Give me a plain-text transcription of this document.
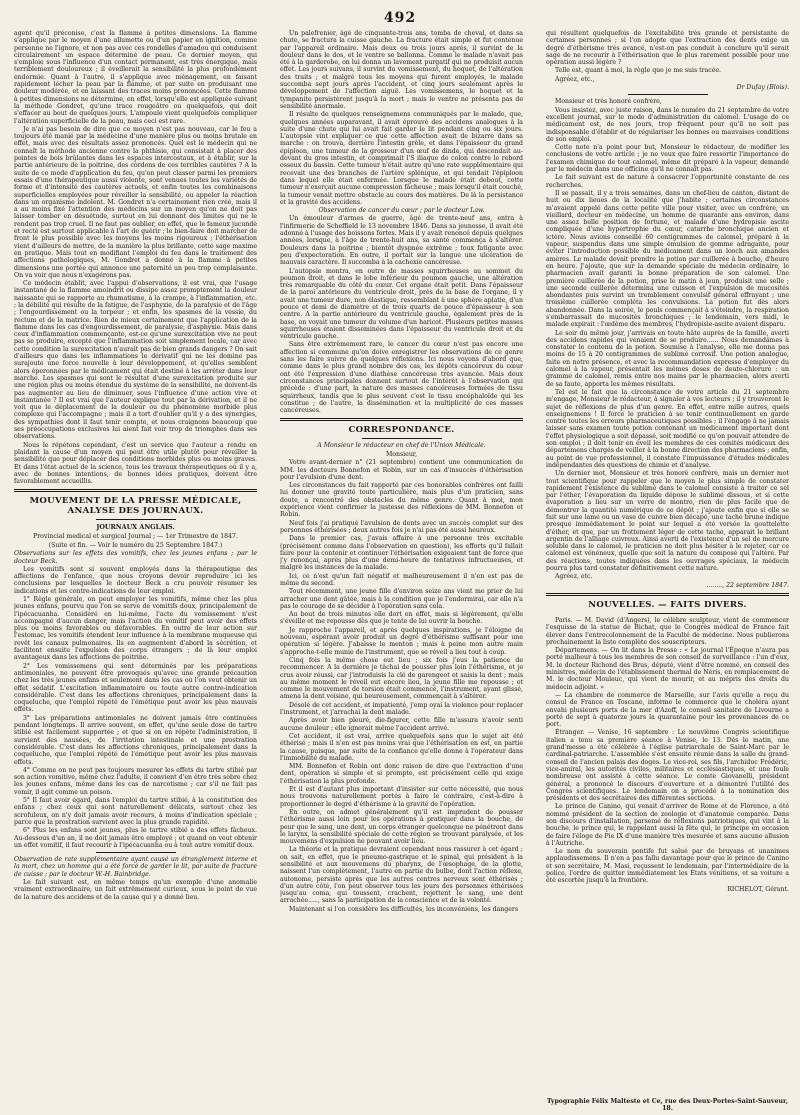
492

agent qu'il préconise, c'est la flamme à petites dimensions. La flamme s'applique par le moyen d'une allumette ou d'un papier en ignition, comme personne ne l'ignore, et non pas avec ces rondelles d'amadou qui conduisent circulairement un espace déterminé de peau. Ce dernier moyen, qui s'emploie sous l'influence d'un contact permanent, est très énergique, mais terriblement douloureux ; il éveillerait la sensibilité la plus profondément endormie. Quant à l'autre, il s'applique avec ménagement, en faisant rapidement lécher la peau par la flamme, et par suite en produisant une douleur modérée, et en laissant des traces moins prononcées. Cette flamme à petites dimensions ne détermine, en effet, lorsqu'elle est appliquée suivant la méthode Gondret, qu'une trace rougeâtre ou quelquefois, qui doit s'effacer au bout de quelques jours. L'ampoule vient quelquefois compliquer l'altération superficielle de la peau, mais ceci est rare.

Je n'ai pas besoin de dire que ce moyen n'est pas nouveau, car le feu a toujours été manié par la médecine d'une manière plus ou moins brutale en effet, mais avec des résultats assez prononcés. Quel est le médecin qui ne connaît la méthode ancienne contre la phthisie, qui consistait à placer des pointes de bois brûlantes dans les espaces intercostaux, et à établir, sur la partie antérieure de la poitrine, des cordons de ces terribles cautères ? A la suite de ce mode d'application du feu, qu'on peut classer parmi les premiers essais d'une thérapeutique aussi violente, sont venues toutes les variétés de forme et d'intensité des cautères actuels, et enfin toutes les combinaisons superficielles employées pour réveiller la sensibilité, ou appeler la réaction dans un organisme indolent. M. Gondret n'a certainement rien créé, mais il a au moins fixé l'attention des médecins sur un moyen qu'on ne doit pas laisser tomber en désuétude, surtout en lui donnant des limites qui ne le rendent pas trop cruel. Il ne faut pas oublier, en effet, que le fameux jucundè et rectè est surtout applicable à l'art de guérir ; le bien-faire doit marcher de front le plus possible avec les moyens les moins rigoureux ; l'éthérisation vient d'ailleurs de mettre, de la manière la plus brillante, cette sage maxime en pratique. Mais tout en modifiant l'emploi du feu dans le traitement des affections pathologiques, M. Gondret a donné à la flamme à petites dimensions une portée qui annonce une paternité un peu trop complaisante. On va voir que nous n'exagérons pas.

Ce médecin établit, avec l'appui d'observations, il est vrai, que l'usage instantané de la flamme amoindrit ou dissipe assez promptement la douleur naissante qui se rapporte au rhumatisme, à la crampe, à l'inflammation, etc. ; la débilité qui résulte de la fatigue, de l'asphyxie, de la paralysie et de l'âge ; l'engourdissement ou la torpeur ; et enfin, les spasmes de la vessie, du rectum et de la matrice. Rien de mieux certainement que l'application de la flamme dans les cas d'engourdissement, de paralysie, d'asphyxie. Mais dans ceux d'inflammation commençante, est-ce qu'une surexcitation vive ne peut pas se produire, excepté que l'inflammation soit simplement locale, car avec cette condition la surexcitation n'aurait pas de bien grands dangers ? On sait d'ailleurs que dans les inflammations le dérivatif qui ne les domine pas surajoute une force nouvelle à leur développement, et qu'elles semblent alors éperonnées par le médicament qui était destiné à les arrêter dans leur marche. Les spasmes qui sont le résultat d'une surexcitation produite sur une région plus ou moins étendue du système de la sensibilité, ne doivent-ils pas augmenter au lieu de diminuer, sous l'influence d'une action vive et instantanée ? Il est vrai que l'auteur explique tout par la dérivation, et il ne voit que le déplacement de la douleur ou du phénomène morbide plus complexe qui l'accompagne ; mais il a tort d'oublier qu'il y a des synergies, des sympathies dont il faut tenir compte, et nous craignons beaucoup que ses préoccupations exclusives lui aient fait voir trop de triomphes dans ses observations.

Nous le répétons cependant, c'est un service que l'auteur a rendu en plaidant la cause d'un moyen qui peut être utile plutôt pour réveiller la sensibilité que pour déplacer des conditions morbides plus ou moins graves. Et dans l'état actuel de la science, tous les travaux thérapeutiques où il y a, avec de bonnes intentions, de bonnes idées pratiques, doivent être favorablement accueillis.

MOUVEMENT DE LA PRESSE MÉDICALE, ANALYSE DES JOURNAUX.
JOURNAUX ANGLAIS.
Provincial medical et surgical Journal ; — 1er Trimestre de 1847.
(Suite et fin. — Voir le numéro du 25 Septembre 1847.)

Observations sur les effets des vomitifs, chez les jeunes enfans ; par le docteur Beck.

Les vomitifs sont si souvent employés dans la thérapeutique des affections de l'enfance, que nous croyons devoir reproduire ici les conclusions par lesquelles le docteur Beck a cru pouvoir résumer les indications et les contre-indications de leur emploi.

1° Règle générale, on peut employer les vomitifs, même chez les plus jeunes enfans, pourvu que l'on se serve de vomitifs doux, principalement de l'ipécacuanha. Considéré en lui-même, l'acte du vomissement n'est accompagné d'aucun danger, mais l'action du vomitif peut avoir des effets plus ou moins favorables ou défavorables. En outre de leur action sur l'estomac, les vomitifs étendent leur influence à la membrane muqueuse qui revêt les canaux pulmonaires. Ils en augmentent d'abord la sécrétion, et facilitent ensuite l'expulsion des corps étrangers ; de là leur emploi avantageux dans les affections de poitrine.

2° Les vomissemens qui sont déterminés par les préparations antimoniales, ne peuvent être provoqués qu'avec une grande précaution chez les très jeunes enfans et seulement dans les cas où l'on veut obtenir un effet sédatif. L'excitation inflammatoire ou toute autre contre-indication considérable. C'est dans les affections chroniques, principalement dans la coqueluche, que l'emploi répété de l'émétique peut avoir les plus mauvais effets.

3° Les préparations antimoniales ne doivent jamais être continuées pendant longtemps. Il arrive souvent, en effet, qu'une seule dose de tartre stibié est facilement supportée ; et que si on en répète l'administration, il survient des nausées, de l'irritation intestinale et une prostration considérable. C'est dans les affections chroniques, principalement dans la coqueluche, que l'emploi répété de l'émétique peut avoir les plus mauvais effets.

4° Comme on ne peut pas toujours mesurer les effets du tartre stibié par son action vomitive, même chez l'adulte, il convient d'en être très sobre chez les jeunes enfans, même dans les cas de narcotisme ; car s'il ne fait pas vomir, il agit comme un poison.

5° Il faut avoir égard, dans l'emploi du tartre stibié, à la constitution des enfans ; chez ceux qui sont naturellement délicats, surtout chez les scrofuleux, on n'y doit jamais avoir recours, à moins d'indication spéciale ; parce que la prostration survient avec la plus grande rapidité.

6° Plus les enfans sont jeunes, plus le tartre stibié a des effets fâcheux. Au-dessous d'un an, il ne doit jamais être employé ; et quand on veut obtenir un effet vomitif, il faut recourir à l'ipécacuanha ou à tout autre vomitif doux.

Observation de rate supplémentaire ayant causé un étranglement interne et la mort, chez un homme qui a été forcé de garder le lit, par suite de fracture de cuisse ; par le docteur W.-H. Bainbridge.

Le fait suivant est, en même temps qu'un exemple d'une anomalie vraiment extraordinaire, un fait extrêmement curieux, sous le point de vue de la nature des accidens et de la cause qui y a donné lieu.

Un palefrenier, âgé de cinquante-trois ans, tomba de cheval, et dans sa chute, se fractura la cuisse gauche. La fracture était simple et fut contenue par l'appareil ordinaire. Mais deux ou trois jours après, il survint de la douleur dans le dos, et le ventre se ballonna. Comme le malade n'avait pas été à la garderobe, on lui donna un lavement purgatif qui ne produisit aucun effet. Les jours suivans, il survint du vomissement, du hoquet, de l'altération des traits ; et malgré tous les moyens qui furent employés, le malade succomba sept jours après l'accident, et cinq jours seulement après le développement de l'affection aiguë. Les vomissemens, le hoquet et la tympanite persistèrent jusqu'à la mort ; mais le ventre ne présenta pas de sensibilité anormale.

Il résulte de quelques renseignemens communiqués par le malade, que, quelques années auparavant, il avait éprouvé des accidens analogues à la suite d'une chute qui lui avait fait garder le lit pendant cinq ou six jours. L'autopsie vint expliquer ce que cette affection avait de bizarre dans sa marche : on trouva, derrière l'intestin grêle, et dans l'épaisseur du grand épiploon, une tumeur de la grosseur d'un œuf de dinde, qui descendait au-devant du gros intestin, et comprimait l'S iliaque de colon contre le rebord osseux du bassin. Cette tumeur n'était autre qu'une rate supplémentaire qui recevait une des branches de l'artère splénique, et qui tendait l'épiploon dans lequel elle était enfermée. Lorsque le malade était debout, cette tumeur n'exerçait aucune compression fâcheuse ; mais lorsqu'il était couché, la tumeur venait mettre obstacle au cours des matières. De là la persistance et la gravité des accidens.

Observation de cancer du cœur ; par le docteur Law.

Un émouleur d'armes de guerre, âgé de trente-neuf ans, entra à l'infirmerie de Scheffield le 13 novembre 1846. Dans sa jeunesse, il avait été adonné à l'usage des boissons fortes. Mais il y avait renoncé depuis quelques années, lorsque, à l'âge de trente-huit ans, sa santé commença à s'altérer. Douleurs dans la poitrine ; bientôt dyspnée extrême ; toux fatigante avec peu d'expectoration. En outre, il portait sur la langue une ulcération de mauvais caractère. Il succomba à la cachexie cancéreuse.

L'autopsie montra, en outre de masses squirrheuses au sommet du poumon droit, et dans le lobe inférieur du poumon gauche, une altération très remarquable du côté du cœur. Cet organe était petit. Dans l'épaisseur de la paroi antérieure du ventricule droit, près de la base de l'organe, il y avait une tumeur dure, non élastique, ressemblant à une sphère aplatie, d'un pouce et demi de diamètre et de trois quarts de pouce d'épaisseur à son centre. A la partie antérieure du ventricule gauche, également près de la base, on voyait une tumeur du volume d'un haricot. Plusieurs petites masses squirrheuses étaient disséminées dans l'épaisseur du ventricule droit et du ventricule gauche.

Sans être extrêmement rare, le cancer du cœur n'est pas encore une affection si commune qu'on doive enregistrer les observations de ce genre sans les faire suivre de quelques réflexions. Ici nous voyons d'abord que, comme dans le plus grand nombre des cas, les dépôts cancéreux du cœur ont été l'expression d'une diathèse cancéreuse très avancée. Mais deux circonstances principales donnent surtout de l'intérêt à l'observation qui précède : d'une part, la nature des masses cancéreuses formées de tissu squirrheux, tandis que le plus souvent c'est le tissu encéphaloïde qui les constitue ; de l'autre, la dissémination et la multiplicité de ces masses cancéreuses.

CORRESPONDANCE.
A Monsieur le rédacteur en chef de l'Union Médicale.
Monsieur,

Votre avant-dernier n° (21 septembre) contient une communication de MM. les docteurs Bonnefon et Robin, sur un cas d'insuccès d'éthérisation pour l'avulsion d'une dent.

Les circonstances du fait rapporté par ces honorables confrères ont failli lui donner une gravité toute particulière, mais plus d'un praticien, sans doute, a rencontré des obstacles du même genre. Quant à moi, mon expérience vient confirmer la justesse des réflexions de MM. Bonnefon et Robin.

Neuf fois j'ai pratiqué l'avulsion de dents avec un succès complet sur des personnes éthérisées ; deux autres fois je n'ai pas été aussi heureux.

Dans le premier cas, j'avais affaire à une personne très excitable (précisément comme dans l'observation en question), les efforts qu'il fallait faire pour la contenir et continuer l'éthérisation exigeaient tant de force que j'y renonçai, après plus d'une demi-heure de tentatives infructueuses, et malgré les instances de la malade.

Ici, ce n'est qu'un fait négatif et malheureusement il n'en est pas de même du second.

Tout récemment, une jeune fille d'environ seize ans vient me prier de lui arracher une dent gâtée, mais à la condition que je l'endormirai, car elle n'a pas le courage de se décider à l'opération sans cela.

Au bout de trois minutes elle dort en effet, mais si légèrement, qu'elle s'éveille et me repousse dès que je tente de lui ouvrir la bouche.

Je rapproche l'appareil, et après quelques inspirations, je l'éloigne de nouveau, espérant avoir produit un degré d'éthérisme suffisant pour une opération si légère. J'abaisse le menton ; mais à peine mon autre main s'approche-t-elle munie de l'instrument, que se réveil a lieu tout à coup.

Cinq fois la même chose eut lieu ; six fois j'eus la patience de recommencer. A la dernière je tâchai de pousser plus loin l'éthérisme, et je crus avoir réussi, car j'introduisis la clé de garengeot et saisis la dent ; mais au même moment le réveil eut encore lieu, la jeune fille me repousse ; et comme le mouvement de torsion était commencé, l'instrument, ayant glissé, amena la dent voisine, qui heureusement, commençait à s'altérer.

Désolé de cet accident, et impatienté, j'emp oyai la violence pour replacer l'instrument, et j'arrachai la dent malade.

Après avoir bien pleuré, die-figurer, cette fille m'assura n'avoir senti aucune douleur ; elle ignorait même l'accident arrivé.

Cet accident, il est vrai, arrive quelquefois sans que le sujet ait été éthérisé ; mais il n'en est pas moins vrai que l'éthérisation en est, en partie la cause, puisque, par suite de la confiance qu'elle donne à l'opérateur dans l'immobilité du malade.

MM. Bonnefon et Robin ont donc raison de dire que l'extraction d'une dent, opération si simple et si prompte, est précisément celle qui exige l'éthérisation la plus profonde.

Et il est d'autant plus important d'insister sur cette nécessité, que nous nous trouvons naturellement portés à faire le contraire, c'est-à-dire à proportionner le degré d'éthérisme à la gravité de l'opération.

En outre, on admet généralement qu'il est imprudent de pousser l'éthérisme aussi loin pour les opérations à pratiquer dans la bouche, de peur que le sang, une dent, un corps étranger quelconque ne pénétrent dans le larynx, la sensibilité spéciale de cette région se trouvant paralysée, et les mouvemens d'expulsion ne pouvant avoir lieu.

La théorie et la pratique devraient cependant nous rassurer à cet égard ; on sait, en effet, que le pneumo-gastrique et le spinal, qui président à la sensibilité et aux mouvemens du pharynx, de l'œsophage, de la glotte, naissent l'un complètement, l'autre en partie du bulbe, dont l'action réflexe, autonome, persiste après que les autres centres nerveux sont éthérisés ; d'un autre côté, l'on peut observer tous les jours des personnes éthérisées jusqu'au coma, qui toussent, crachent, rejettent le sang, une dent arrachée....., sans la participation de la conscience et de la volonté.

Maintenant si l'on considère les difficultés, les inconvéniens, les dangers

qui résultent quelquefois de l'excitabilité très grande et persistante de certaines personnes ; si l'on adopte que l'extraction des dents exige un degré d'éthérisme très avancé, n'est-on pas conduit à conclure qu'il serait sage de ne recourir à l'éthérisation que le plus rarement possible pour une opération aussi légère ?

Telle est, quant à moi, la règle que je me suis tracée.

Agréez, etc.,

Dr Dufay (Blois).

Monsieur et très honoré confrère,

Vous insistez, avec juste raison, dans le numéro du 21 septembre de votre excellent journal, sur le mode d'administration du calomel. L'usage de ce médicament est, de nos jours, trop fréquent pour qu'il ne soit pas indispensable d'établir et de régulariser les bonnes ou mauvaises conditions de son emploi.

Cette note n'a point pour but, Monsieur le rédacteur, de modifier les conclusions de votre article ; je ne veux que faire ressortir l'importance de l'examen chimique de tout calomel, même dit préparé à la vapeur, demandé par le médecin dans une officine qu'il ne connaît pas.

Le fait suivant est de nature à consacrer l'opportunité constante de ces recherches.

Il se passait, il y a trois semaines, dans un chef-lieu de canton, distant de huit ou dix lieues de la localité que j'habite ; certaines circonstances m'avaient appelé dans cette petite ville pour visiter, avec un confrère, un vieillard, docteur en médecine, un homme de quarante ans environ, dans une assez belle position de fortune, et malade d'une hydropisie ascite compliquée d'une hypertrophie du cœur, catarrhe bronchique ancien et ictère. Nous avions conseillé 60 centigrammes de calomel, préparé à la vapeur, suspendus dans une simple émulsion de gomme adragante, pour éviter l'introduction possible du médicament dans un looch aux amandes amères. Le malade devait prendre la potion par cuillerée à bouche, d'heure en heure. J'ajoute, que sur la demande spéciale du médecin ordinaire, le pharmacien avait garanti la bonne préparation de son calomel. Une première cuillerée de la potion, prise le matin à jeun, produisit une selle ; une seconde cuillerée détermina une cuisson et l'expulsion de mucosités abondantes puis survint un tremblement convulsif général effrayant ; une troisième cuillerée compléta les convulsions. La potion fut dès alors abandonnée. Dans la soirée, le pouls commençait à s'éteindre, la respiration s'embarrassait de mucosités bronchiques ; le lendemain, vers midi, le malade expirait : l'œdème des membres, l'hydropisie-ascite avaient disparu.

Le soir du même jour, j'arrivais en toute hâte auprès de la famille, averti des accidens rapides qui venaient de se produire...... Nous demandâmes à constater le contenu de la potion. Soumise à l'analyse, elle me donna pas moins de 15 à 20 centigrammes de sublimé corrosif. Une potion analogue, faite en notre présence, et avec la recommandation expresse d'employer du calomel à la vapeur, présentait les mêmes doses de deuto-chlorure : un gramme de calomel, remis entre nos mains par le pharmacien, alors averti de sa faute, apporta les mêmes résultats.

Tel est le fait que la circonstance de votre article du 21 septembre m'engage, Monsieur le rédacteur, à signaler à vos lecteurs ; il y trouveront le sujet de réflexions de plus d'un genre. En effet, entre mille autres, quels enseignemens ! Il force le praticien à se tenir continuellement en garde contre toutes les erreurs pharmaceutiques possibles ; il l'engage à ne jamais laisser sans examen toute potion contenant un médicament important dont l'effet physiologique a soit dépassé, soit modifié ce qu'on pouvait attendre de son emploi ; il doit tenir en éveil les membres de ces comités médicaux des départemens chargés de veiller à la bonne direction des pharmaciens ; enfin, au point de vue professionnel, il constate l'impuissance d'études médicales indépendantes des questions de chimie et d'analyse.

Un dernier mot, Monsieur et très honoré confrère, mais un dernier mot tout scientifique pour rappeler que le moyen le plus simple de constater rapidement l'existence du sublimé dans le calomel consiste à traiter ce sel par l'éther, l'évaporation du liquide dépose le sublimé dissous, et si cette évaporation a lieu sur un verre de montre, rien de plus facile que de démontrer la quantité numérique de ce dépôt ; j'ajoute enfin que si elle se fait sur une lame ou un vase de cuivre bien décapé, une tache brune indique presque immédiatement le point sur lequel a été versée la gouttelette d'éther, et que, par un frottement léger de cette tache, apparait le brillant argentin de l'alliage cuivreux. Ainsi averti de l'existence d'un sel de mercure soluble dans le calomel, le praticien ne doit plus hésiter à le rejeter, car ce calomel est vénéneux, quelle que soit la nature du composé qui l'altère. Par des réactions, toutes indiquées dans les ouvrages spéciaux, le médecin pourra plus tard constater définitivement cette nature.

Agréez, etc.

........, 22 septembre 1847.

NOUVELLES. — FAITS DIVERS.

Paris. — M. David (d'Angers), le célèbre sculpteur, vient de commencer l'esquisse de la statue de Bichat, que le Congrès médical de France fait élever dans l'entrecolonnement de la Faculté de médecine. Nous publierons prochainement la liste complète des souscripteurs.

Départemens. — On lit dans la Presse : « Le journal l'Époque n'aura pas porté malheur à tous les membres de son conseil de surveillance : l'un d'eux, M. le docteur Richond des Brus, député, vient d'être nommé, en conseil des ministres, médecin de l'établissement thermal de Néris, en remplacement de M. le docteur Mouleuc, qui vient de mourir, et au mépris des droits du médecin adjoint. »

— La chambre de commerce de Marseille, sur l'avis qu'elle a reçu du consul de France en Toscane, informe le commerce que le choléra ayant envahi plusieurs ports de la mer d'Azoff, le conseil sanitaire de Livourne a porté de sept à quatorze jours la quarantaine pour les provenances de ce port.

Étranger. — Venise, 16 septembre : Le neuvième Congrès scientifique italien a tenu sa première séance à Venise, le 13. Dès le matin, une grand'messe a été célébrée à l'église patriarchale de Saint-Marc par le cardinal-patriarche. L'assemblée s'est ensuite réunie dans la salle du grand-conseil de l'ancien palais des doges. Le vice-roi, ses fils, l'archiduc Frédéric, vice-amiral, les autorités civiles, militaires et ecclésiastiques, et une foule nombreuse ont assisté à cette séance. Le comte Giovanelli, président général, a prononcé le discours d'ouverture et a démontré l'utilité des Congrès scientifiques. Le lendemain on a procédé à la nomination des présidents et des secrétaires des différentes sections.

Le prince de Canino, qui venait d'arriver de Rome et de Florence, a été nommé président de la section de zoologie et d'anatomie comparée. Dans son discours d'installation, parsemé de réflexions patriotiques, qui vint à la bouche, le prince qui, le rappelant aussi la fête qui, le principe en occasion de faire l'éloge de Pie IX d'une manière très mesurée et sans aucune allusion à l'Autriche.

Le nom du souverain pontife fut salué par de bruyans et unanimes applaudissemens. Il n'en a pas fallu davantage pour que le prince de Canino et son secrétaire, M. Masi, reçussent le lendemain, par l'intermédiaire de la police, l'ordre de quitter immédiatement les États vénitiens, et sa voiture a été escortée jusqu'à la frontière.

RICHELOT, Gérant.

Typographie Félix Malteste et Ce, rue des Deux-Portes-Saint-Sauveur, 18.
